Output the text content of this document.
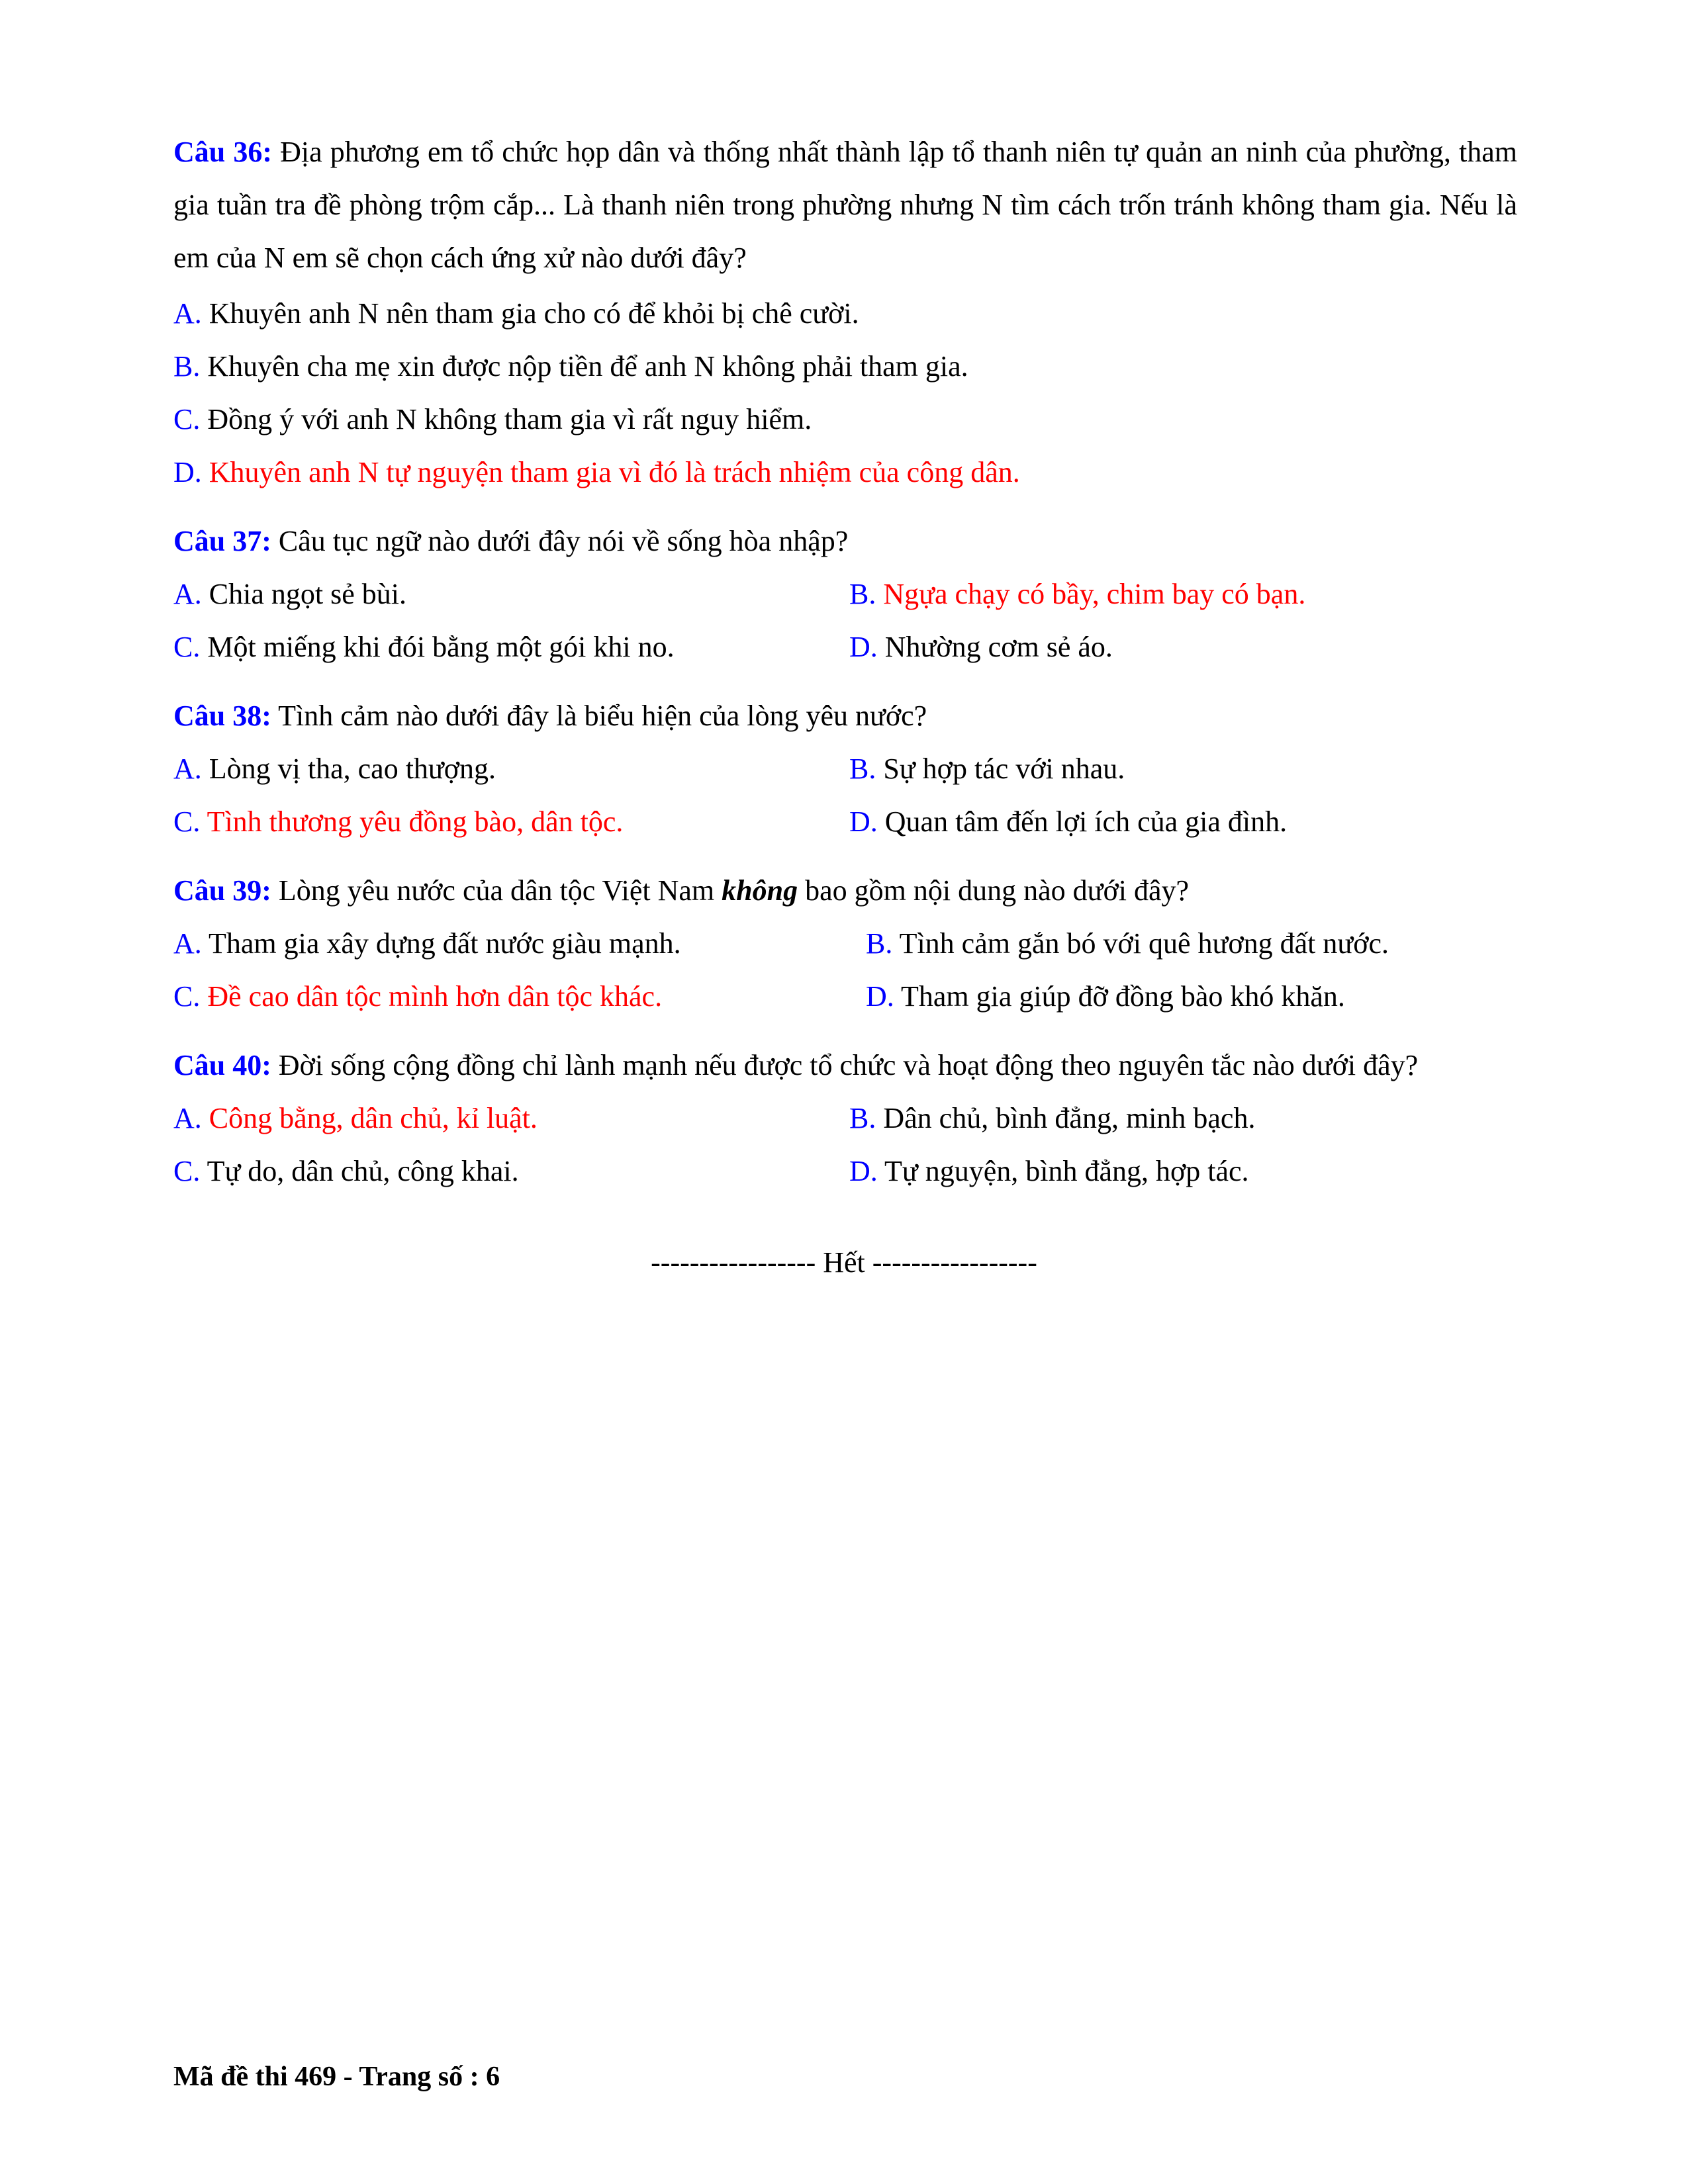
Câu 36: Địa phương em tổ chức họp dân và thống nhất thành lập tổ thanh niên tự quản an ninh của phường, tham gia tuần tra đề phòng trộm cắp... Là thanh niên trong phường nhưng N tìm cách trốn tránh không tham gia. Nếu là em của N em sẽ chọn cách ứng xử nào dưới đây?
A. Khuyên anh N nên tham gia cho có để khỏi bị chê cười.
B. Khuyên cha mẹ xin được nộp tiền để anh N không phải tham gia.
C. Đồng ý với anh N không tham gia vì rất nguy hiểm.
D. Khuyên anh N tự nguyện tham gia vì đó là trách nhiệm của công dân.
Câu 37: Câu tục ngữ nào dưới đây nói về sống hòa nhập?
A. Chia ngọt sẻ bùi.	B. Ngựa chạy có bầy, chim bay có bạn.
C. Một miếng khi đói bằng một gói khi no.	D. Nhường cơm sẻ áo.
Câu 38: Tình cảm nào dưới đây là biểu hiện của lòng yêu nước?
A. Lòng vị tha, cao thượng.	B. Sự hợp tác với nhau.
C. Tình thương yêu đồng bào, dân tộc.	D. Quan tâm đến lợi ích của gia đình.
Câu 39: Lòng yêu nước của dân tộc Việt Nam không bao gồm nội dung nào dưới đây?
A. Tham gia xây dựng đất nước giàu mạnh.	B. Tình cảm gắn bó với quê hương đất nước.
C. Đề cao dân tộc mình hơn dân tộc khác.	D. Tham gia giúp đỡ đồng bào khó khăn.
Câu 40: Đời sống cộng đồng chỉ lành mạnh nếu được tổ chức và hoạt động theo nguyên tắc nào dưới đây?
A. Công bằng, dân chủ, kỉ luật.	B. Dân chủ, bình đẳng, minh bạch.
C. Tự do, dân chủ, công khai.	D. Tự nguyện, bình đẳng, hợp tác.
----------------- Hết -----------------
Mã đề thi 469 - Trang số : 6
